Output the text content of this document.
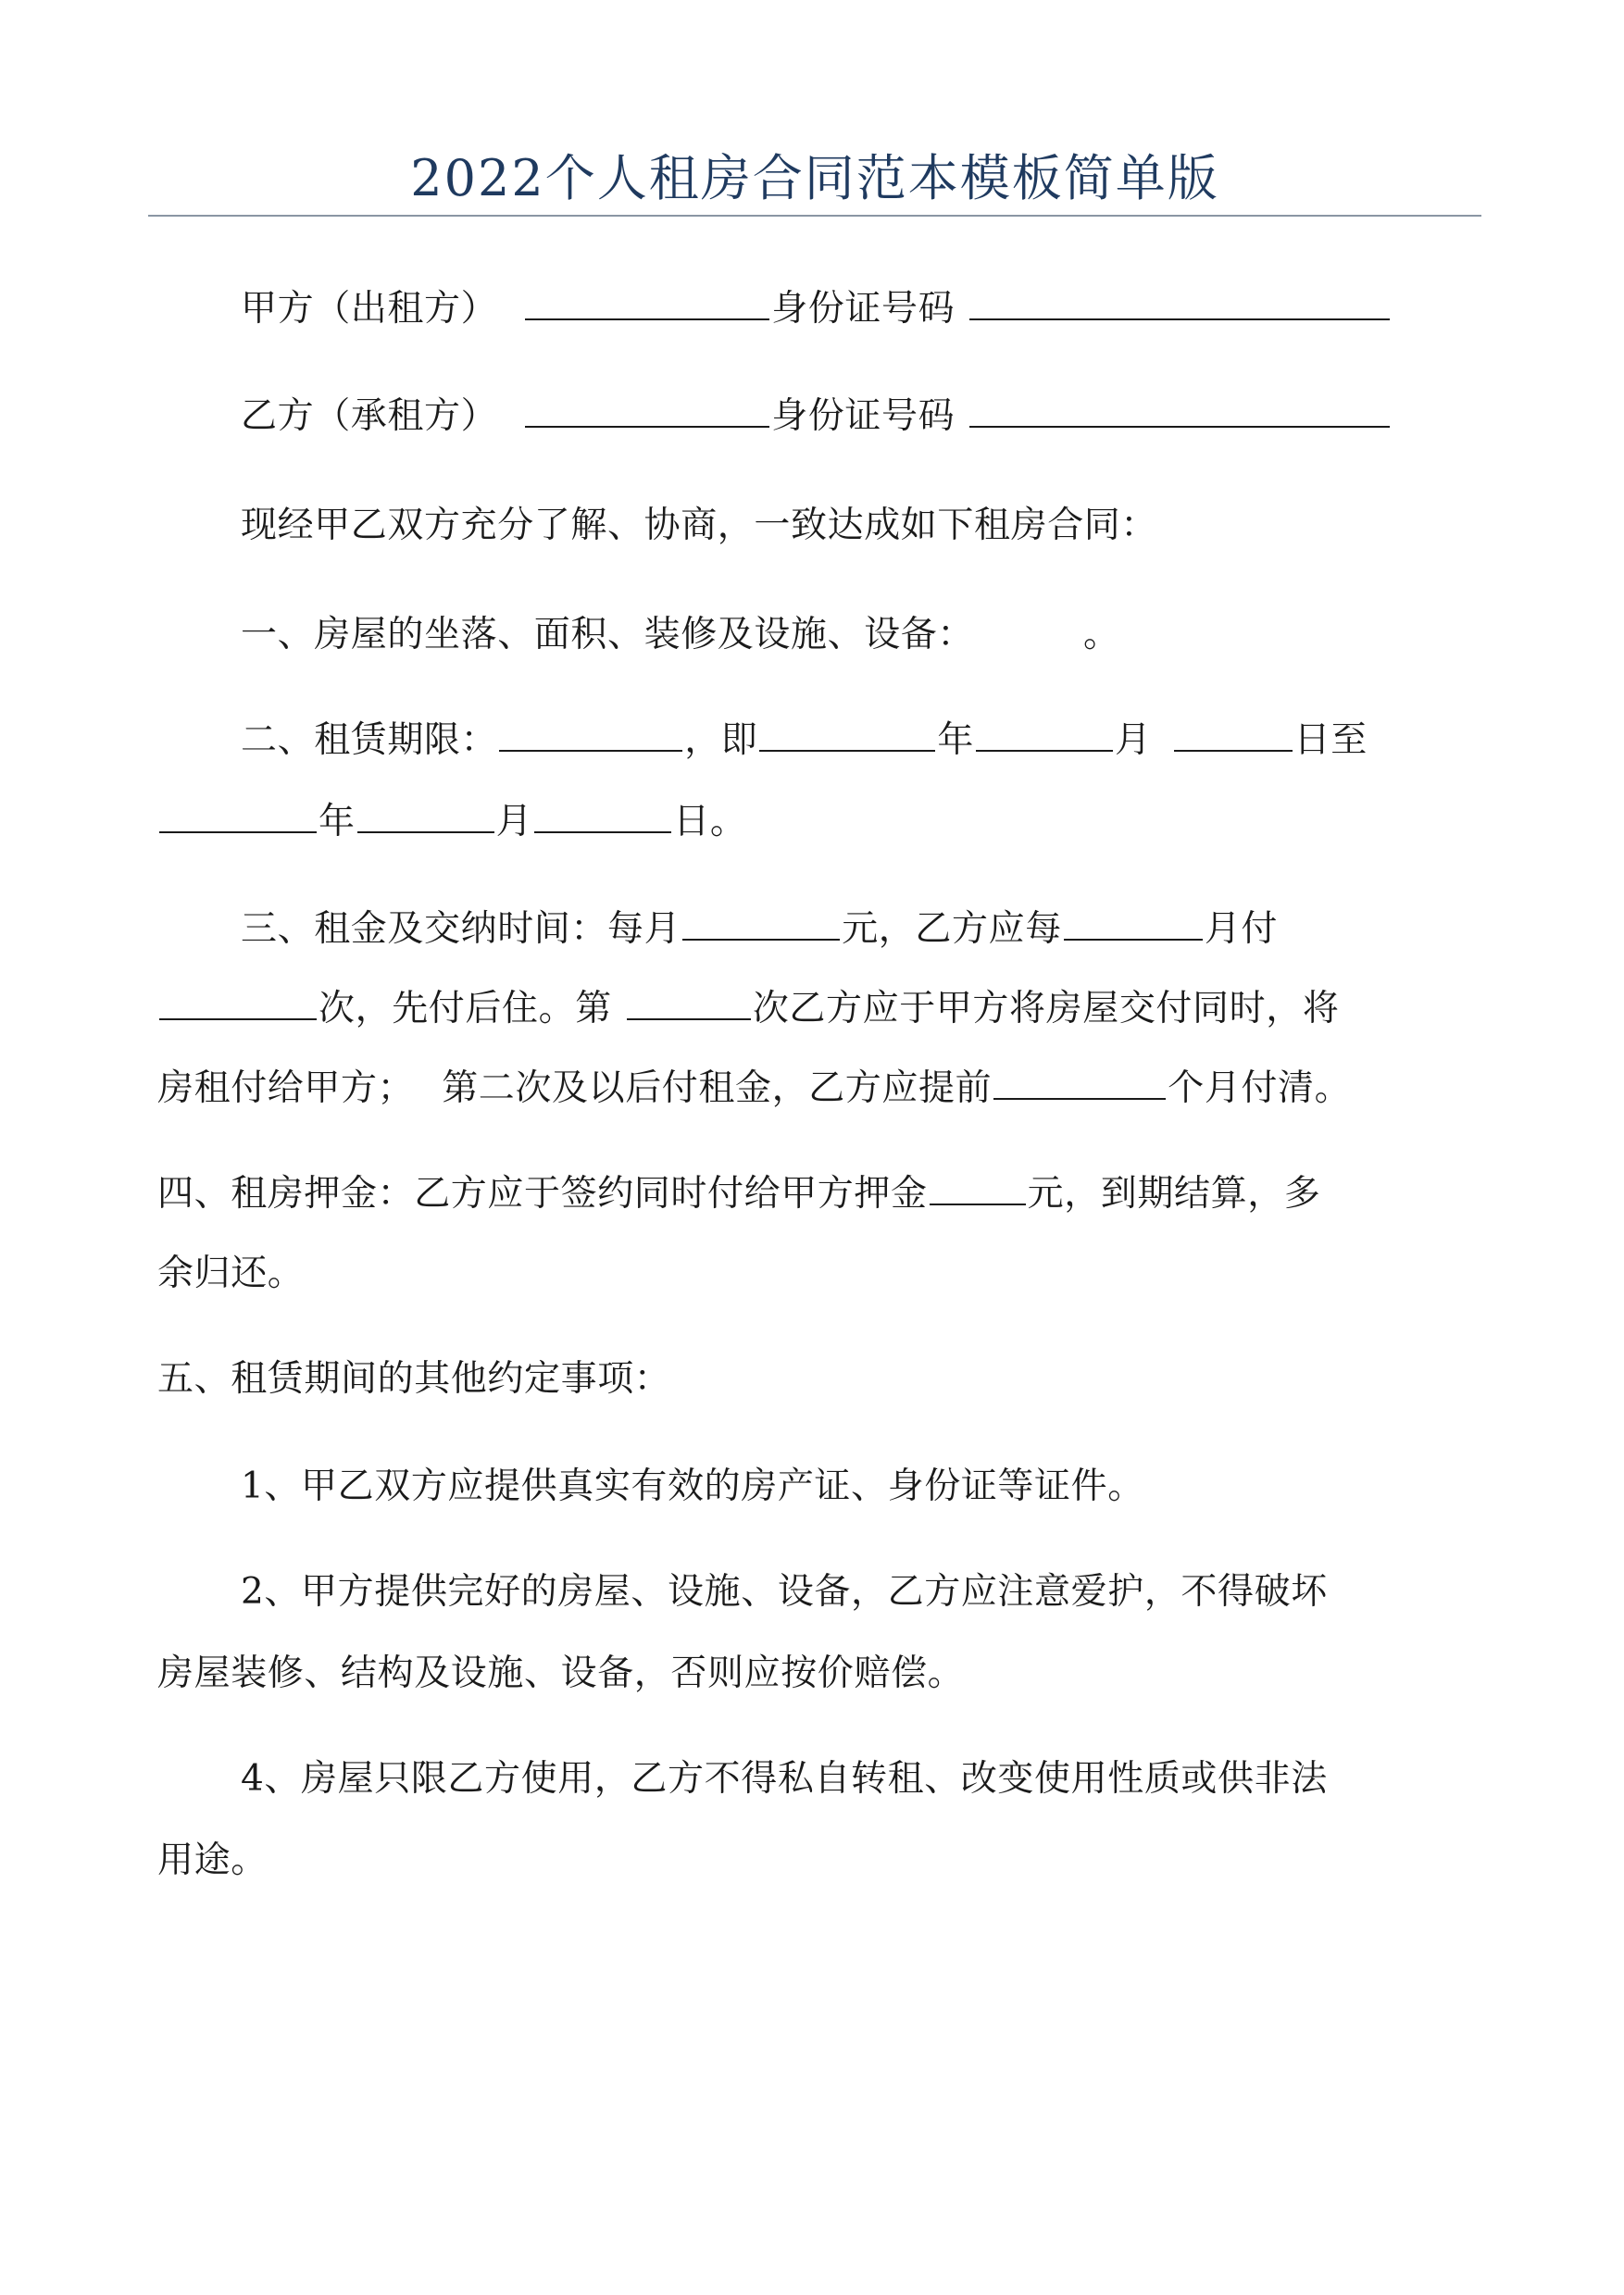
2022个人租房合同范本模板简单版
甲方（出租方）	身份证号码
乙方（承租方）	身份证号码
现经甲乙双方充分了解、协商，一致达成如下租房合同：
一、房屋的坐落、面积、装修及设施、设备：	。
二、租赁期限：	，即	年	月	日至
年	月	日。
三、租金及交纳时间：每月	元，乙方应每	月付
次，先付后住。第	次乙方应于甲方将房屋交付同时，将
房租付给甲方； 第二次及以后付租金，乙方应提前	个月付清。
四、租房押金：乙方应于签约同时付给甲方押金	元，到期结算，多
余归还。
五、租赁期间的其他约定事项：
1、甲乙双方应提供真实有效的房产证、身份证等证件。
2、甲方提供完好的房屋、设施、设备，乙方应注意爱护，不得破坏
房屋装修、结构及设施、设备，否则应按价赔偿。
4、房屋只限乙方使用，乙方不得私自转租、改变使用性质或供非法
用途。
